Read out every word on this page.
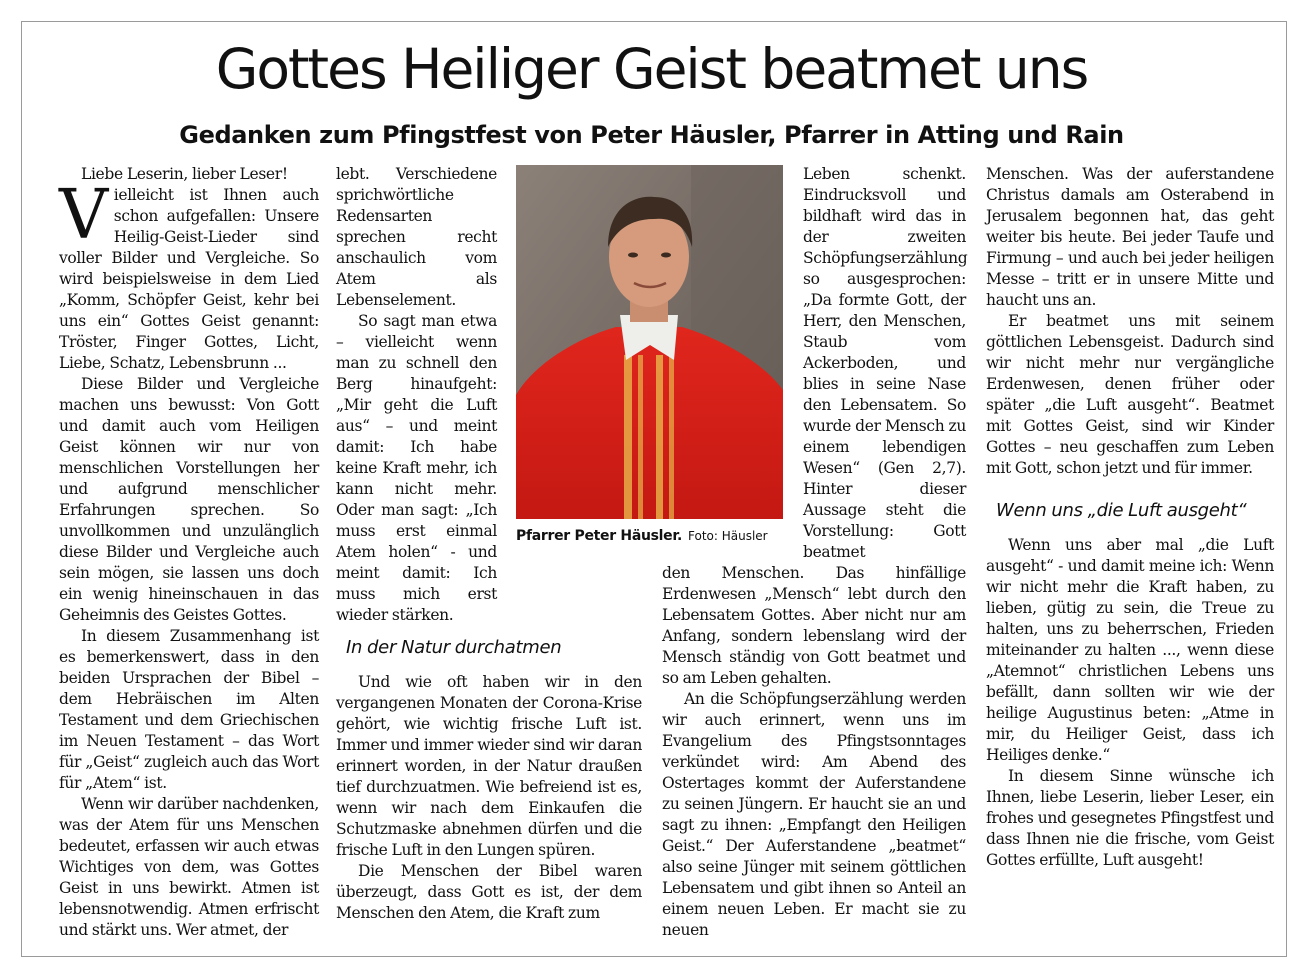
Gottes Heiliger Geist beatmet uns
Gedanken zum Pfingstfest von Peter Häusler, Pfarrer in Atting und Rain

Liebe Leserin, lieber Leser!

Vielleicht ist Ihnen auch schon aufgefallen: Unsere Heilig-Geist-Lieder sind voller Bilder und Vergleiche. So wird beispielsweise in dem Lied „Komm, Schöpfer Geist, kehr bei uns ein“ Gottes Geist genannt: Tröster, Finger Gottes, Licht, Liebe, Schatz, Lebensbrunn ...

Diese Bilder und Vergleiche machen uns bewusst: Von Gott und damit auch vom Heiligen Geist können wir nur von menschlichen Vorstellungen her und aufgrund menschlicher Erfahrungen sprechen. So unvollkommen und unzulänglich diese Bilder und Vergleiche auch sein mögen, sie lassen uns doch ein wenig hineinschauen in das Geheimnis des Geistes Gottes.

In diesem Zusammenhang ist es bemerkenswert, dass in den beiden Ursprachen der Bibel – dem Hebräischen im Alten Testament und dem Griechischen im Neuen Testament – das Wort für „Geist“ zugleich auch das Wort für „Atem“ ist.

Wenn wir darüber nachdenken, was der Atem für uns Menschen bedeutet, erfassen wir auch etwas Wichtiges von dem, was Gottes Geist in uns bewirkt. Atmen ist lebensnotwendig. Atmen erfrischt und stärkt uns. Wer atmet, der

lebt. Verschiedene sprichwörtliche Redensarten sprechen recht anschaulich vom Atem als Lebenselement.

So sagt man etwa – vielleicht wenn man zu schnell den Berg hinaufgeht: „Mir geht die Luft aus“ – und meint damit: Ich habe keine Kraft mehr, ich kann nicht mehr. Oder man sagt: „Ich muss erst einmal Atem holen“ - und meint damit: Ich muss mich erst wieder stärken.

In der Natur durchatmen

Und wie oft haben wir in den vergangenen Monaten der Corona-Krise gehört, wie wichtig frische Luft ist. Immer und immer wieder sind wir daran erinnert worden, in der Natur draußen tief durchzuatmen. Wie befreiend ist es, wenn wir nach dem Einkaufen die Schutzmaske abnehmen dürfen und die frische Luft in den Lungen spüren.

Die Menschen der Bibel waren überzeugt, dass Gott es ist, der dem Menschen den Atem, die Kraft zum

Pfarrer Peter Häusler. Foto: Häusler

Leben schenkt. Eindrucksvoll und bildhaft wird das in der zweiten Schöpfungserzählung so ausgesprochen: „Da formte Gott, der Herr, den Menschen, Staub vom Ackerboden, und blies in seine Nase den Lebensatem. So wurde der Mensch zu einem lebendigen Wesen“ (Gen 2,7). Hinter dieser Aussage steht die Vorstellung: Gott beatmet

den Menschen. Das hinfällige Erdenwesen „Mensch“ lebt durch den Lebensatem Gottes. Aber nicht nur am Anfang, sondern lebenslang wird der Mensch ständig von Gott beatmet und so am Leben gehalten.

An die Schöpfungserzählung werden wir auch erinnert, wenn uns im Evangelium des Pfingstsonntages verkündet wird: Am Abend des Ostertages kommt der Auferstandene zu seinen Jüngern. Er haucht sie an und sagt zu ihnen: „Empfangt den Heiligen Geist.“ Der Auferstandene „beatmet“ also seine Jünger mit seinem göttlichen Lebensatem und gibt ihnen so Anteil an einem neuen Leben. Er macht sie zu neuen

Menschen. Was der auferstandene Christus damals am Osterabend in Jerusalem begonnen hat, das geht weiter bis heute. Bei jeder Taufe und Firmung – und auch bei jeder heiligen Messe – tritt er in unsere Mitte und haucht uns an.

Er beatmet uns mit seinem göttlichen Lebensgeist. Dadurch sind wir nicht mehr nur vergängliche Erdenwesen, denen früher oder später „die Luft ausgeht“. Beatmet mit Gottes Geist, sind wir Kinder Gottes – neu geschaffen zum Leben mit Gott, schon jetzt und für immer.

Wenn uns „die Luft ausgeht“

Wenn uns aber mal „die Luft ausgeht“ - und damit meine ich: Wenn wir nicht mehr die Kraft haben, zu lieben, gütig zu sein, die Treue zu halten, uns zu beherrschen, Frieden miteinander zu halten ..., wenn diese „Atemnot“ christlichen Lebens uns befällt, dann sollten wir wie der heilige Augustinus beten: „Atme in mir, du Heiliger Geist, dass ich Heiliges denke.“

In diesem Sinne wünsche ich Ihnen, liebe Leserin, lieber Leser, ein frohes und gesegnetes Pfingstfest und dass Ihnen nie die frische, vom Geist Gottes erfüllte, Luft ausgeht!
